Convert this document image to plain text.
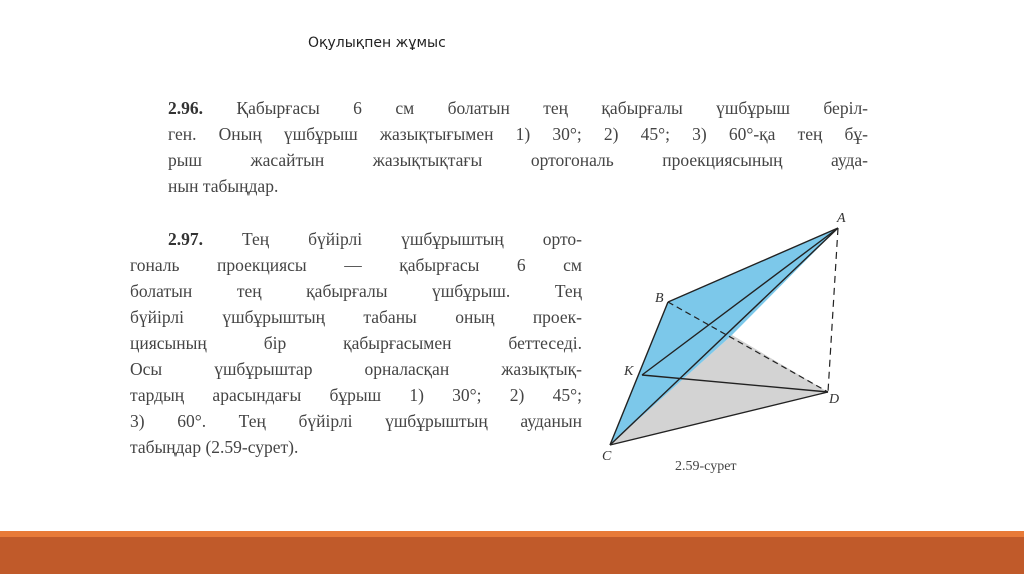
Оқулықпен жұмыс
2.96. Қабырғасы 6 см болатын тең қабырғалы үшбұрыш беріл-
ген. Оның үшбұрыш жазықтығымен 1) 30°; 2) 45°; 3) 60°-қа тең бұ-
рыш жасайтын жазықтықтағы ортогональ проекциясының ауда-
нын табыңдар.
2.97. Тең бүйірлі үшбұрыштың орто-
гональ проекциясы — қабырғасы 6 см
болатын тең қабырғалы үшбұрыш. Тең
бүйірлі үшбұрыштың табаны оның проек-
циясының бір қабырғасымен беттеседі.
Осы үшбұрыштар орналасқан жазықтық-
тардың арасындағы бұрыш 1) 30°; 2) 45°;
3) 60°. Тең бүйірлі үшбұрыштың ауданын
табыңдар (2.59-сурет).
A
B
K
D
C
2.59-сурет
